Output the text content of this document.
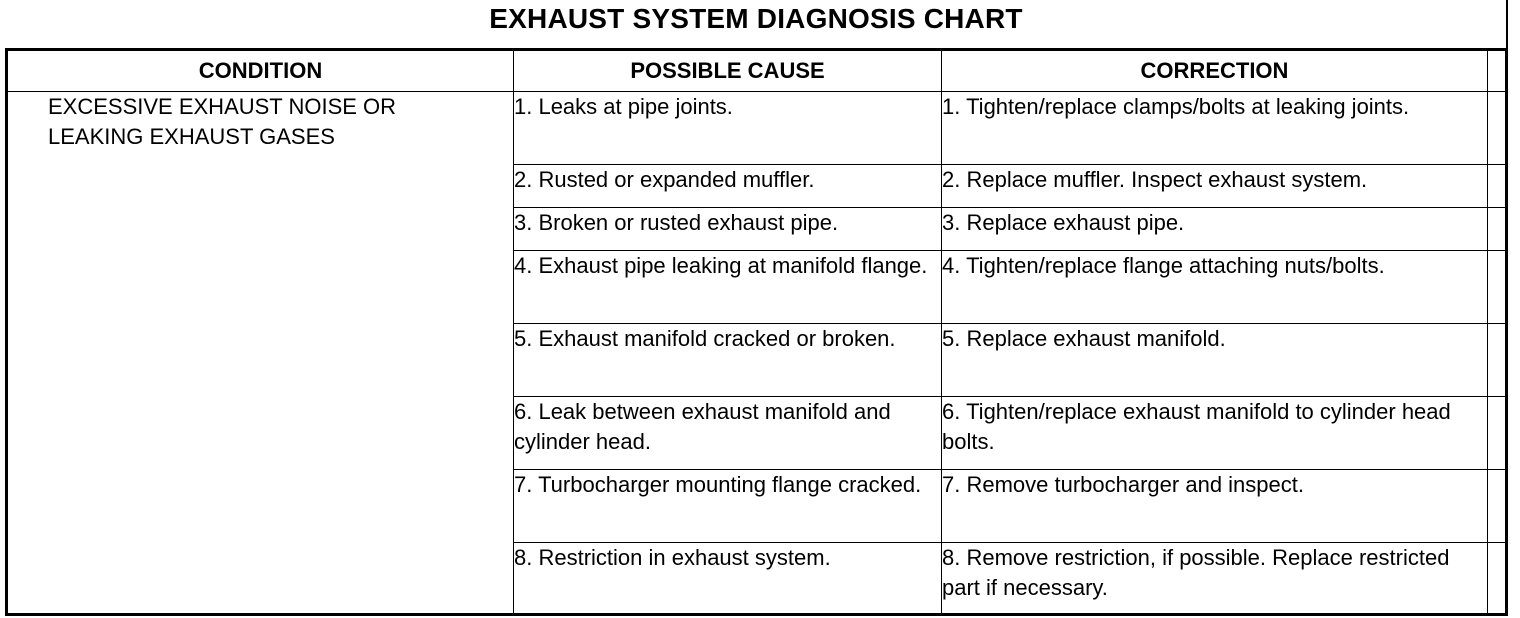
EXHAUST SYSTEM DIAGNOSIS CHART
CONDITION	POSSIBLE CAUSE	CORRECTION	

EXCESSIVE EXHAUST NOISE OR LEAKING EXHAUST GASES	1. Leaks at pipe joints.	1. Tighten/replace clamps/bolts at leaking joints.	
	2. Rusted or expanded muffler.	2. Replace muffler. Inspect exhaust system.	
	3. Broken or rusted exhaust pipe.	3. Replace exhaust pipe.	
	4. Exhaust pipe leaking at manifold flange.	4. Tighten/replace flange attaching nuts/bolts.	
	5. Exhaust manifold cracked or broken.	5. Replace exhaust manifold.	
	6. Leak between exhaust manifold and cylinder head.	6. Tighten/replace exhaust manifold to cylinder head bolts.	
	7. Turbocharger mounting flange cracked.	7. Remove turbocharger and inspect.	
	8. Restriction in exhaust system.	8. Remove restriction, if possible. Replace restricted part if necessary.	
